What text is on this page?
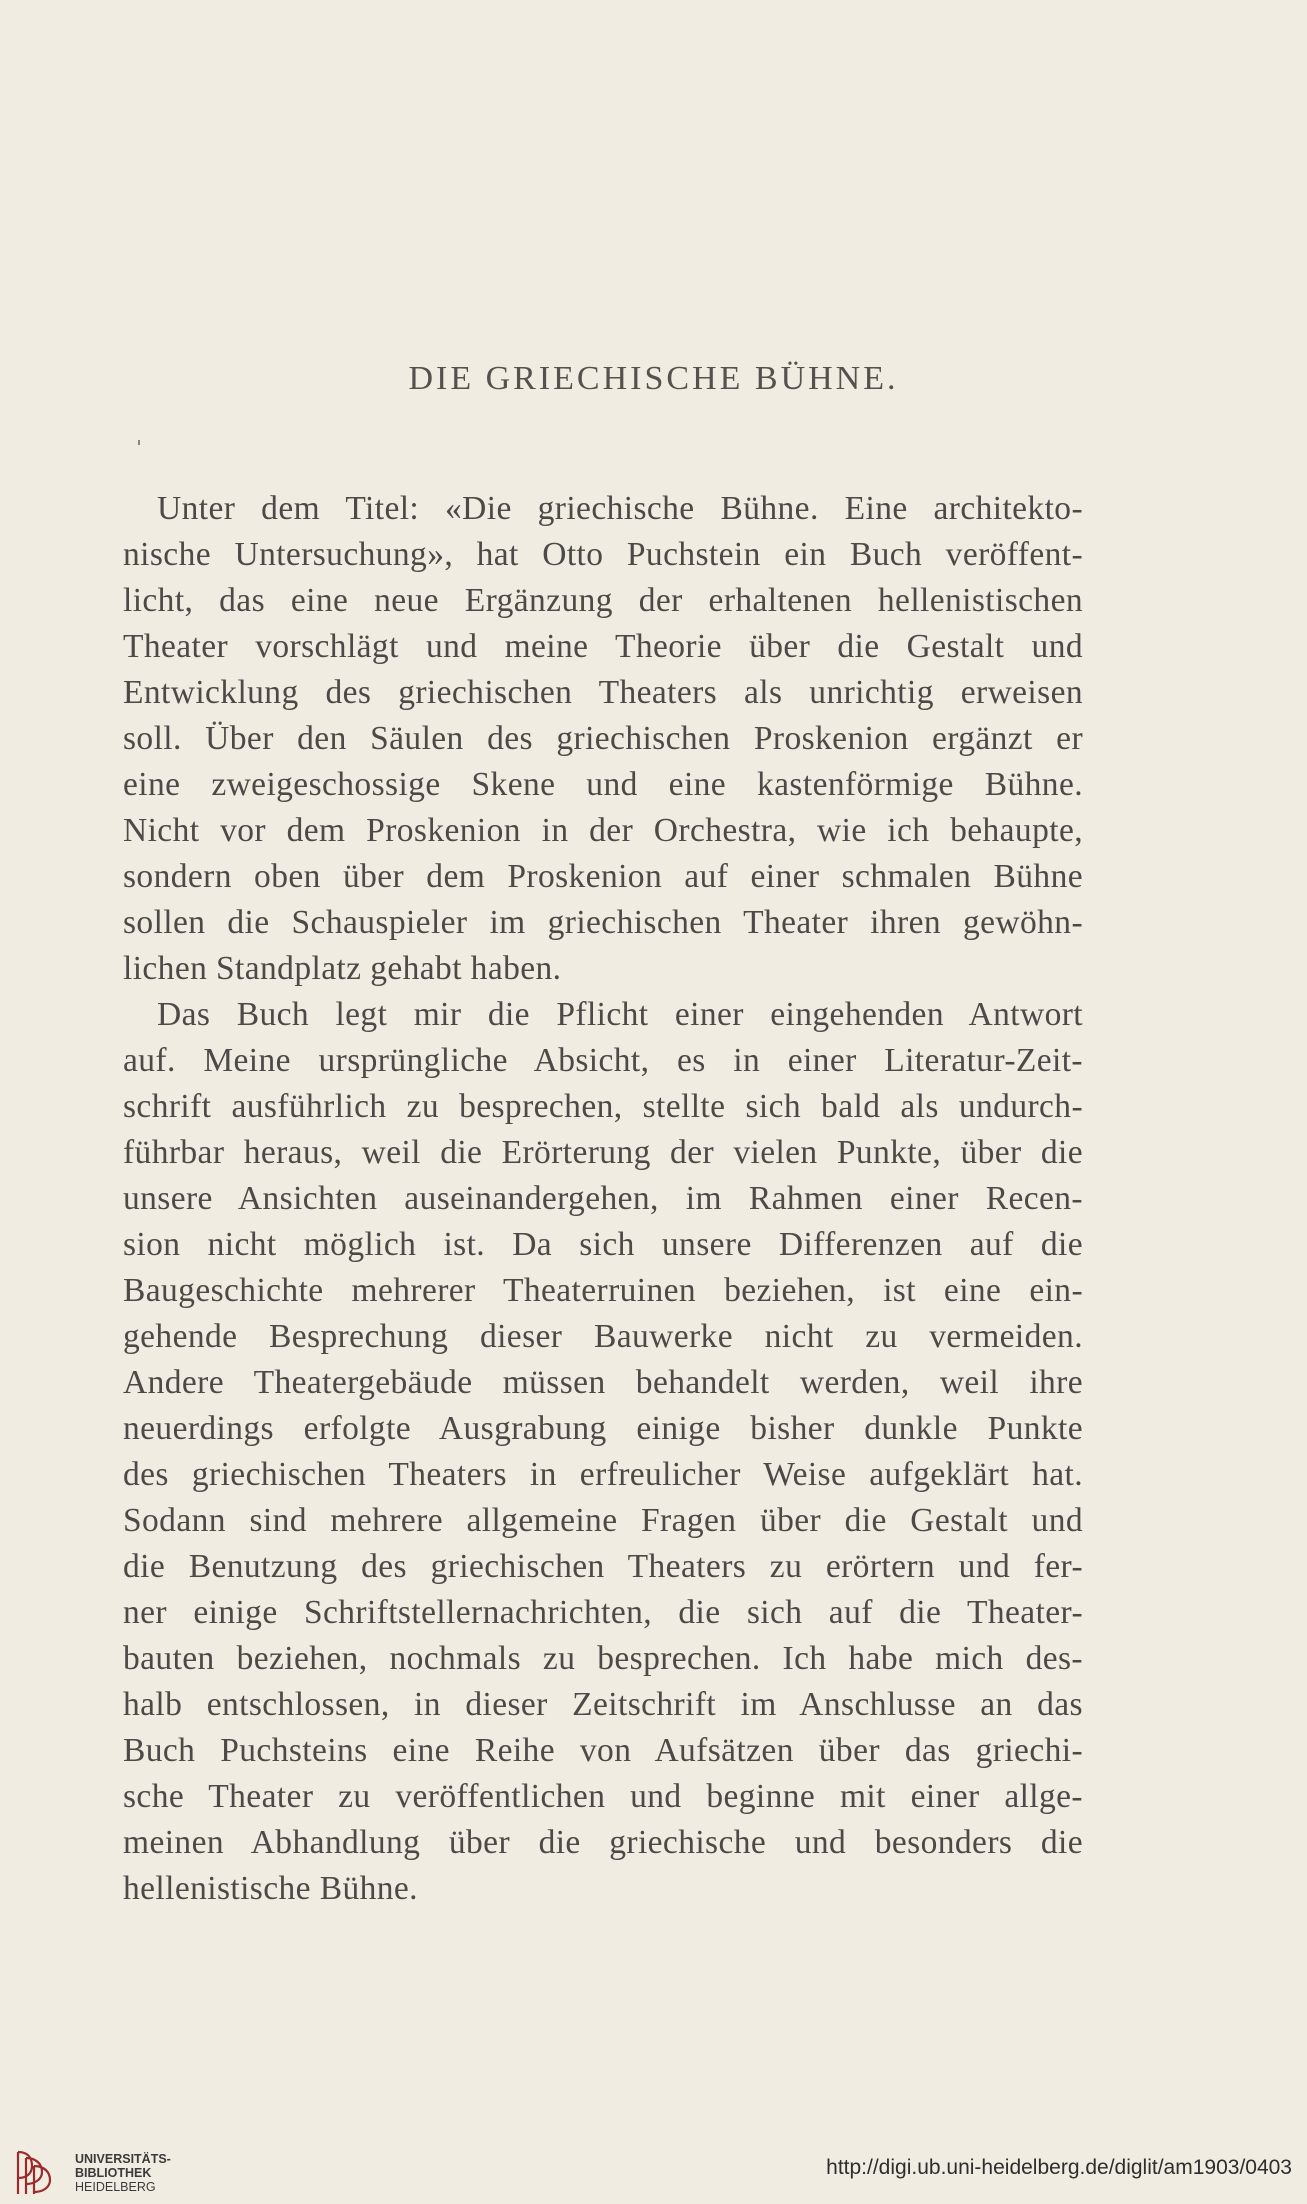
DIE GRIECHISCHE BÜHNE.
Unter dem Titel: «Die griechische Bühne. Eine architekto-
nische Untersuchung», hat Otto Puchstein ein Buch veröffent-
licht, das eine neue Ergänzung der erhaltenen hellenistischen
Theater vorschlägt und meine Theorie über die Gestalt und
Entwicklung des griechischen Theaters als unrichtig erweisen
soll. Über den Säulen des griechischen Proskenion ergänzt er
eine zweigeschossige Skene und eine kastenförmige Bühne.
Nicht vor dem Proskenion in der Orchestra, wie ich behaupte,
sondern oben über dem Proskenion auf einer schmalen Bühne
sollen die Schauspieler im griechischen Theater ihren gewöhn-
lichen Standplatz gehabt haben.
Das Buch legt mir die Pflicht einer eingehenden Antwort
auf. Meine ursprüngliche Absicht, es in einer Literatur-Zeit-
schrift ausführlich zu besprechen, stellte sich bald als undurch-
führbar heraus, weil die Erörterung der vielen Punkte, über die
unsere Ansichten auseinandergehen, im Rahmen einer Recen-
sion nicht möglich ist. Da sich unsere Differenzen auf die
Baugeschichte mehrerer Theaterruinen beziehen, ist eine ein-
gehende Besprechung dieser Bauwerke nicht zu vermeiden.
Andere Theatergebäude müssen behandelt werden, weil ihre
neuerdings erfolgte Ausgrabung einige bisher dunkle Punkte
des griechischen Theaters in erfreulicher Weise aufgeklärt hat.
Sodann sind mehrere allgemeine Fragen über die Gestalt und
die Benutzung des griechischen Theaters zu erörtern und fer-
ner einige Schriftstellernachrichten, die sich auf die Theater-
bauten beziehen, nochmals zu besprechen. Ich habe mich des-
halb entschlossen, in dieser Zeitschrift im Anschlusse an das
Buch Puchsteins eine Reihe von Aufsätzen über das griechi-
sche Theater zu veröffentlichen und beginne mit einer allge-
meinen Abhandlung über die griechische und besonders die
hellenistische Bühne.
UNIVERSITÄTS-
BIBLIOTHEK
HEIDELBERG
http://digi.ub.uni-heidelberg.de/diglit/am1903/0403
